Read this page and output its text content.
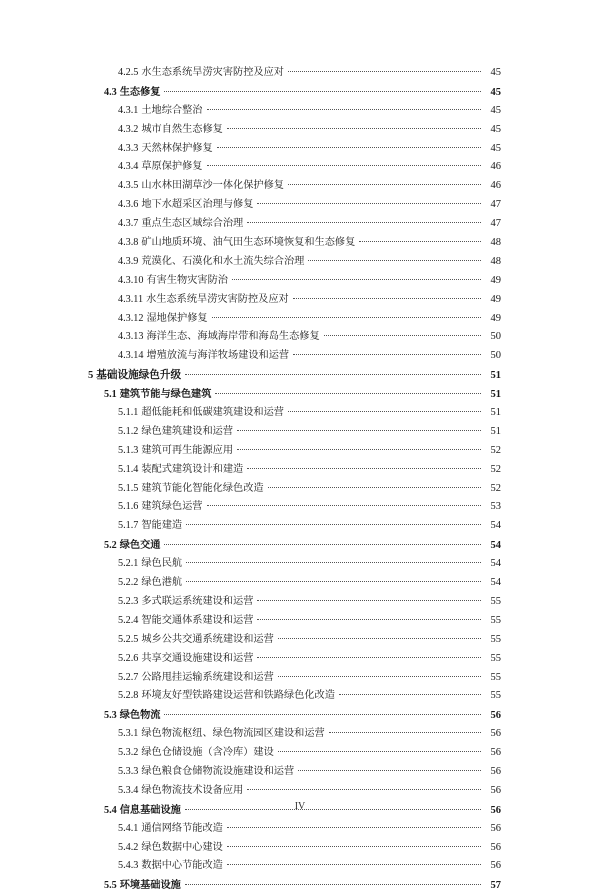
4.2.5 水生态系统旱涝灾害防控及应对	45
4.3 生态修复	45
4.3.1 土地综合整治	45
4.3.2 城市自然生态修复	45
4.3.3 天然林保护修复	45
4.3.4 草原保护修复	46
4.3.5 山水林田湖草沙一体化保护修复	46
4.3.6 地下水超采区治理与修复	47
4.3.7 重点生态区域综合治理	47
4.3.8 矿山地质环境、油气田生态环境恢复和生态修复	48
4.3.9 荒漠化、石漠化和水土流失综合治理	48
4.3.10 有害生物灾害防治	49
4.3.11 水生态系统旱涝灾害防控及应对	49
4.3.12 湿地保护修复	49
4.3.13 海洋生态、海域海岸带和海岛生态修复	50
4.3.14 增殖放流与海洋牧场建设和运营	50
5 基础设施绿色升级	51
5.1 建筑节能与绿色建筑	51
5.1.1 超低能耗和低碳建筑建设和运营	51
5.1.2 绿色建筑建设和运营	51
5.1.3 建筑可再生能源应用	52
5.1.4 装配式建筑设计和建造	52
5.1.5 建筑节能化智能化绿色改造	52
5.1.6 建筑绿色运营	53
5.1.7 智能建造	54
5.2 绿色交通	54
5.2.1 绿色民航	54
5.2.2 绿色港航	54
5.2.3 多式联运系统建设和运营	55
5.2.4 智能交通体系建设和运营	55
5.2.5 城乡公共交通系统建设和运营	55
5.2.6 共享交通设施建设和运营	55
5.2.7 公路甩挂运输系统建设和运营	55
5.2.8 环境友好型铁路建设运营和铁路绿色化改造	55
5.3 绿色物流	56
5.3.1 绿色物流枢纽、绿色物流园区建设和运营	56
5.3.2 绿色仓储设施（含冷库）建设	56
5.3.3 绿色粮食仓储物流设施建设和运营	56
5.3.4 绿色物流技术设备应用	56
5.4 信息基础设施	56
5.4.1 通信网络节能改造	56
5.4.2 绿色数据中心建设	56
5.4.3 数据中心节能改造	56
5.5 环境基础设施	57
IV
